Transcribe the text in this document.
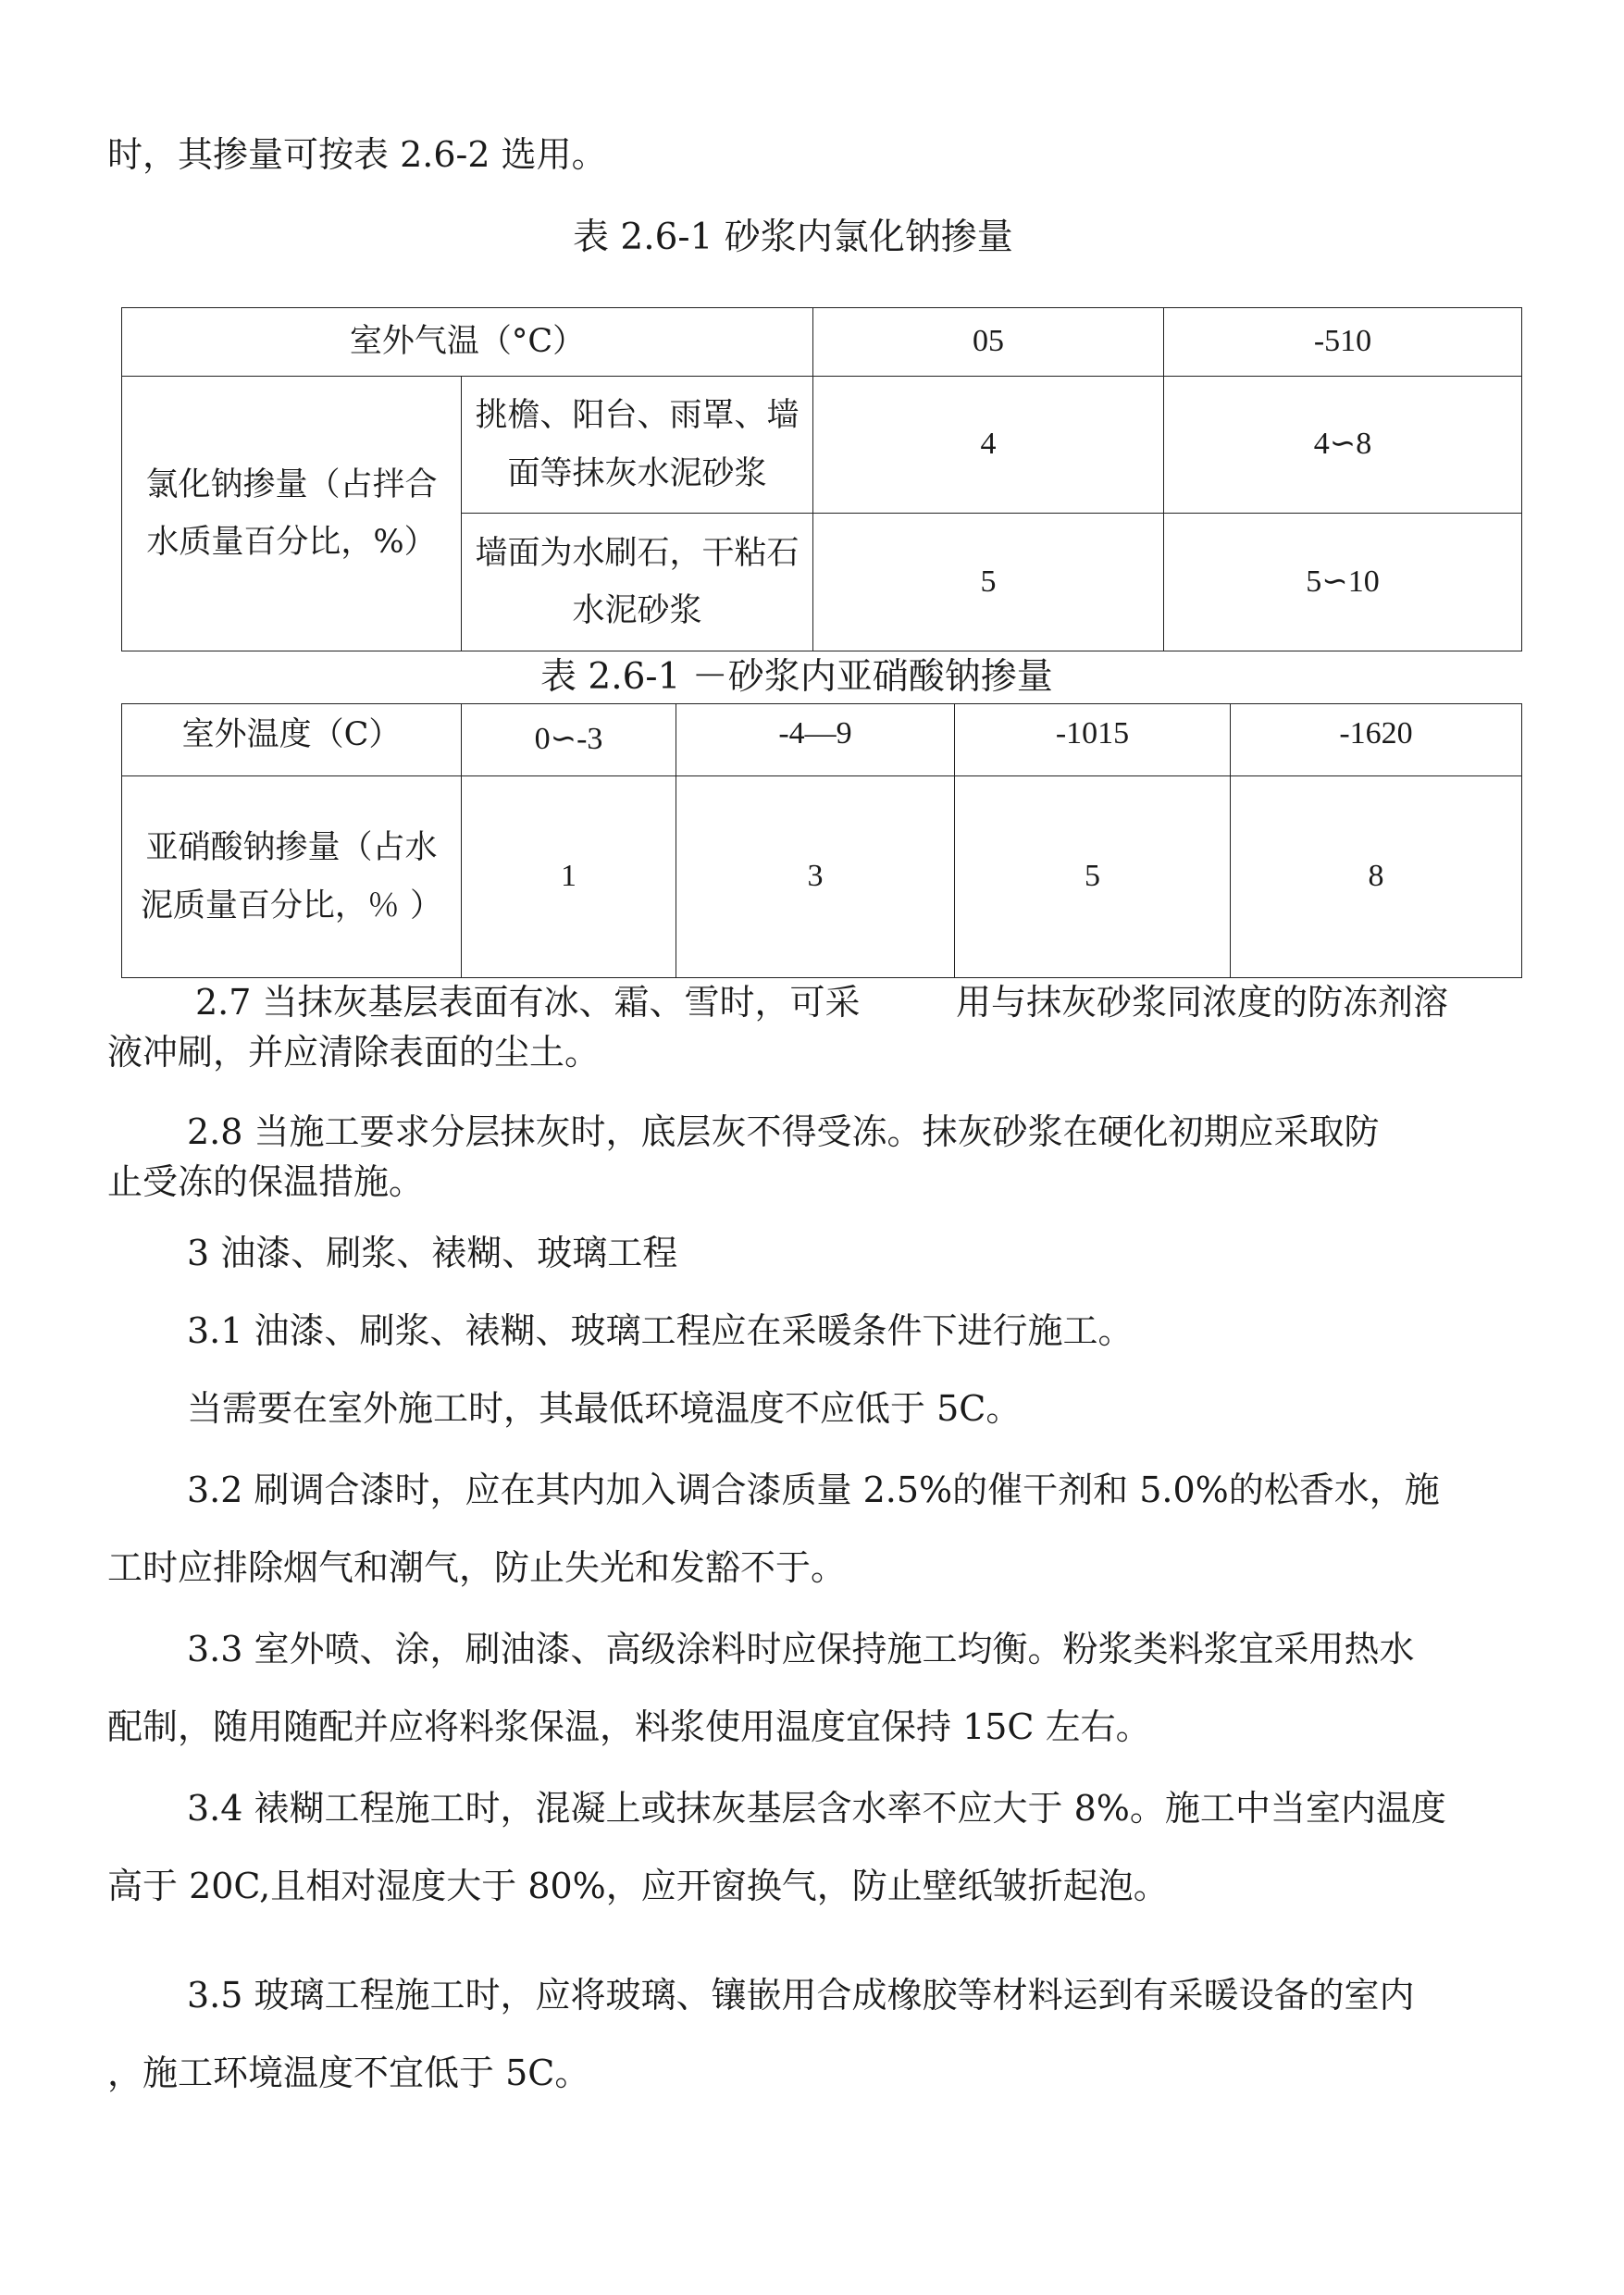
时，其掺量可按表 2.6-2 选用。
表 2.6-1 砂浆内氯化钠掺量
室外气温（°C）		05	-510
氯化钠掺量（占拌合水质量百分比，%）	挑檐、阳台、雨罩、墙面等抹灰水泥砂浆	4	4∽8
	墙面为水刷石，干粘石水泥砂浆	5	5∽10
表 2.6-1 －砂浆内亚硝酸钠掺量
室外温度（C）	0∽-3	-4—9	-1015	-1620
亚硝酸钠掺量（占水泥质量百分比，％ ）	1	3	5	8
2.7 当抹灰基层表面有冰、霜、雪时，可采	用与抹灰砂浆同浓度的防冻剂溶
液冲刷，并应清除表面的尘土。
2.8 当施工要求分层抹灰时，底层灰不得受冻。抹灰砂浆在硬化初期应采取防
止受冻的保温措施。
3 油漆、刷浆、裱糊、玻璃工程
3.1 油漆、刷浆、裱糊、玻璃工程应在采暖条件下进行施工。
当需要在室外施工时，其最低环境温度不应低于 5C。
3.2 刷调合漆时，应在其内加入调合漆质量 2.5%的催干剂和 5.0%的松香水，施
工时应排除烟气和潮气，防止失光和发豁不于。
3.3 室外喷、涂，刷油漆、高级涂料时应保持施工均衡。粉浆类料浆宜采用热水
配制，随用随配并应将料浆保温，料浆使用温度宜保持 15C 左右。
3.4 裱糊工程施工时，混凝上或抹灰基层含水率不应大于 8%。施工中当室内温度
高于 20C,且相对湿度大于 80%，应开窗换气，防止壁纸皱折起泡。
3.5 玻璃工程施工时，应将玻璃、镶嵌用合成橡胶等材料运到有采暖设备的室内
，施工环境温度不宜低于 5C。
